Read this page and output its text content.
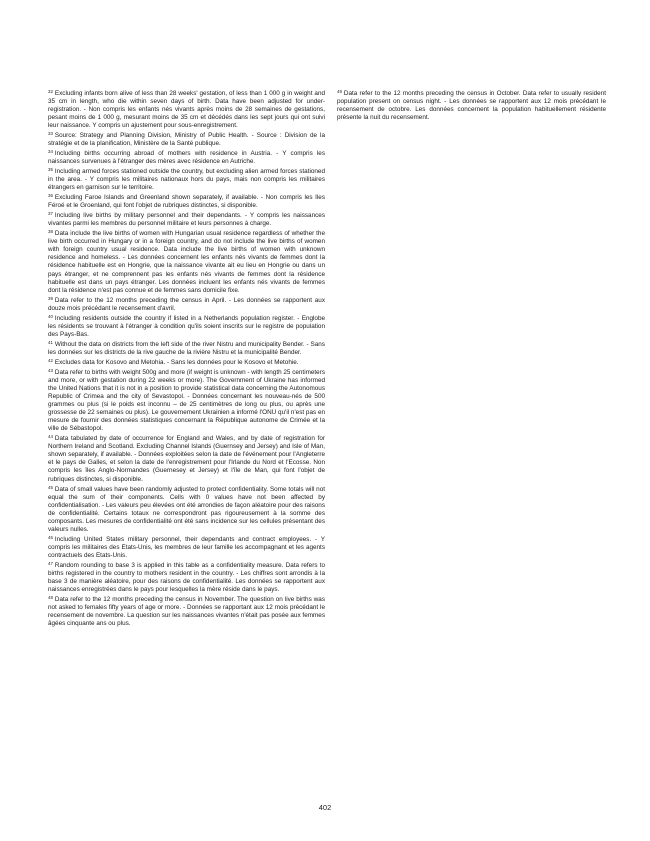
$^{32}$ Excluding infants born alive of less than 28 weeks' gestation, of less than 1 000 g in weight and 35 cm in length, who die within seven days of birth. Data have been adjusted for under-registration. - Non compris les enfants nés vivants après moins de 28 semaines de gestations, pesant moins de 1 000 g, mesurant moins de 35 cm et décédés dans les sept jours qui ont suivi leur naissance. Y compris un ajustement pour sous-enregistrement.

$^{33}$ Source: Strategy and Planning Division, Ministry of Public Health. - Source : Division de la stratégie et de la planification, Ministère de la Santé publique.

$^{34}$ Including births occurring abroad of mothers with residence in Austria. - Y compris les naissances survenues à l'étranger des mères avec résidence en Autriche.

$^{35}$ Including armed forces stationed outside the country, but excluding alien armed forces stationed in the area. - Y compris les militaires nationaux hors du pays, mais non compris les militaires étrangers en garnison sur le territoire.

$^{36}$ Excluding Faroe Islands and Greenland shown separately, if available. - Non compris les Iles Féroé et le Groenland, qui font l'objet de rubriques distinctes, si disponible.

$^{37}$ Including live births by military personnel and their dependants. - Y compris les naissances vivantes parmi les membres du personnel militaire et leurs personnes à charge.

$^{38}$ Data include the live births of women with Hungarian usual residence regardless of whether the live birth occurred in Hungary or in a foreign country, and do not include the live births of women with foreign country usual residence. Data include the live births of women with unknown residence and homeless. - Les données concernent les enfants nés vivants de femmes dont la résidence habituelle est en Hongrie, que la naissance vivante ait eu lieu en Hongrie ou dans un pays étranger, et ne comprennent pas les enfants nés vivants de femmes dont la résidence habituelle est dans un pays étranger. Les données incluent les enfants nés vivants de femmes dont la résidence n'est pas connue et de femmes sans domicile fixe.

$^{39}$ Data refer to the 12 months preceding the census in April. - Les données se rapportent aux douze mois précédant le recensement d'avril.

$^{40}$ Including residents outside the country if listed in a Netherlands population register. - Englobe les résidents se trouvant à l'étranger à condition qu'ils soient inscrits sur le registre de population des Pays-Bas.

$^{41}$ Without the data on districts from the left side of the river Nistru and municipality Bender. - Sans les données sur les districts de la rive gauche de la rivière Nistru et la municipalité Bender.

$^{42}$ Excludes data for Kosovo and Metohia. - Sans les données pour le Kosovo et Metohie.

$^{43}$ Data refer to births with weight 500g and more (if weight is unknown - with length 25 centimeters and more, or with gestation during 22 weeks or more). The Government of Ukraine has informed the United Nations that it is not in a position to provide statistical data concerning the Autonomous Republic of Crimea and the city of Sevastopol. - Données concernant les nouveau-nés de 500 grammes ou plus (si le poids est inconnu – de 25 centimètres de long ou plus, ou après une grossesse de 22 semaines ou plus). Le gouvernement Ukrainien a informé l'ONU qu'il n'est pas en mesure de fournir des données statistiques concernant la République autonome de Crimée et la ville de Sébastopol.

$^{44}$ Data tabulated by date of occurrence for England and Wales, and by date of registration for Northern Ireland and Scotland. Excluding Channel Islands (Guernsey and Jersey) and Isle of Man, shown separately, if available. - Données exploitées selon la date de l'événement pour l'Angleterre et le pays de Galles, et selon la date de l'enregistrement pour l'Irlande du Nord et l'Ecosse. Non compris les îles Anglo-Normandes (Guernesey et Jersey) et l'île de Man, qui font l'objet de rubriques distinctes, si disponible.

$^{45}$ Data of small values have been randomly adjusted to protect confidentiality. Some totals will not equal the sum of their components. Cells with 0 values have not been affected by confidentialisation. - Les valeurs peu élevées ont été arrondies de façon aléatoire pour des raisons de confidentialité. Certains totaux ne correspondront pas rigoureusement à la somme des composants. Les mesures de confidentialité ont été sans incidence sur les cellules présentant des valeurs nulles.

$^{46}$ Including United States military personnel, their dependants and contract employees. - Y compris les militaires des Etats-Unis, les membres de leur famille les accompagnant et les agents contractuels des Etats-Unis.

$^{47}$ Random rounding to base 3 is applied in this table as a confidentiality measure. Data refers to births registered in the country to mothers resident in the country. - Les chiffres sont arrondis à la base 3 de manière aléatoire, pour des raisons de confidentialité. Les données se rapportent aux naissances enregistrées dans le pays pour lesquelles la mère réside dans le pays.

$^{48}$ Data refer to the 12 months preceding the census in November. The question on live births was not asked to females fifty years of age or more. - Données se rapportant aux 12 mois précédant le recensement de novembre. La question sur les naissances vivantes n'était pas posée aux femmes âgées cinquante ans ou plus.

$^{49}$ Data refer to the 12 months preceding the census in October. Data refer to usually resident population present on census night. - Les données se rapportent aux 12 mois précédant le recensement de octobre. Les données concernent la population habituellement résidente présente la nuit du recensement.

402
